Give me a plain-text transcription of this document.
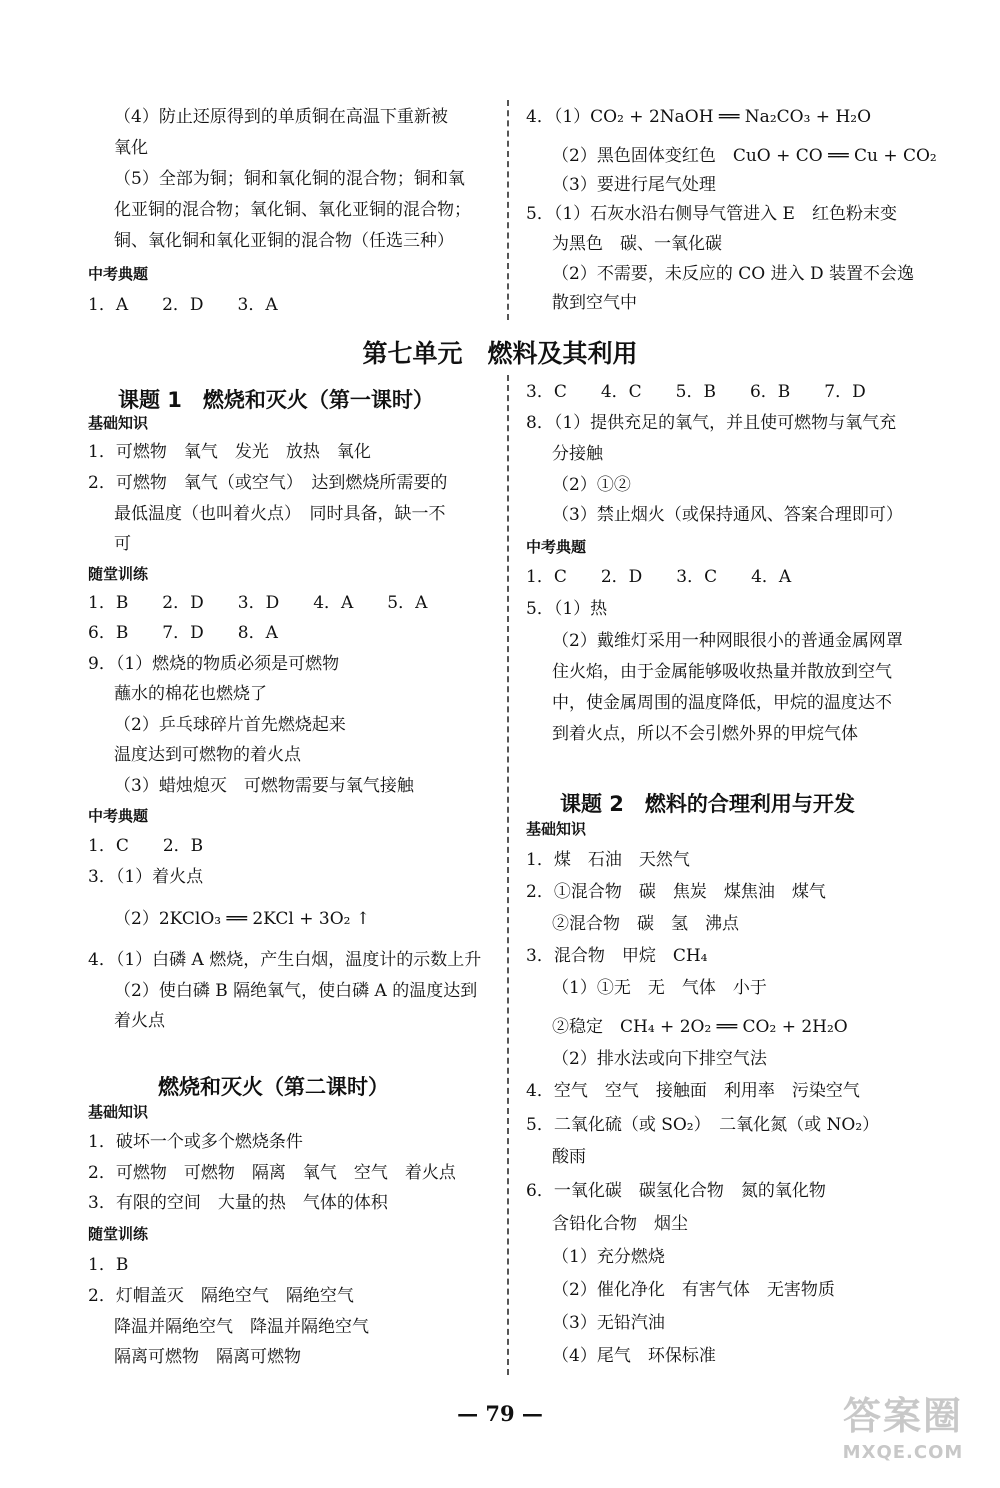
（4）防止还原得到的单质铜在高温下重新被
氧化
（5）全部为铜；铜和氧化铜的混合物；铜和氧
化亚铜的混合物；氧化铜、氧化亚铜的混合物；
铜、氧化铜和氧化亚铜的混合物（任选三种）
中考典题
1．A　　2．D　　3．A
4．（1）CO₂ + 2NaOH ══ Na₂CO₃ + H₂O
（2）黑色固体变红色　CuO + CO ══ Cu + CO₂
（3）要进行尾气处理
5．（1）石灰水沿右侧导气管进入 E　红色粉末变
为黑色　碳、一氧化碳
（2）不需要，未反应的 CO 进入 D 装置不会逸
散到空气中
第七单元　燃料及其利用
课题 1　燃烧和灭火（第一课时）
基础知识
1．可燃物　氧气　发光　放热　氧化
2．可燃物　氧气（或空气）　达到燃烧所需要的
最低温度（也叫着火点）　同时具备，缺一不
可
随堂训练
1．B　　2．D　　3．D　　4．A　　5．A
6．B　　7．D　　8．A
9．（1）燃烧的物质必须是可燃物
蘸水的棉花也燃烧了
（2）乒乓球碎片首先燃烧起来
温度达到可燃物的着火点
（3）蜡烛熄灭　可燃物需要与氧气接触
中考典题
1．C　　2．B
3．（1）着火点
（2）2KClO₃ ══ 2KCl + 3O₂ ↑
4．（1）白磷 A 燃烧，产生白烟，温度计的示数上升
（2）使白磷 B 隔绝氧气，使白磷 A 的温度达到
着火点
燃烧和灭火（第二课时）
基础知识
1．破坏一个或多个燃烧条件
2．可燃物　可燃物　隔离　氧气　空气　着火点
3．有限的空间　大量的热　气体的体积
随堂训练
1．B
2．灯帽盖灭　隔绝空气　隔绝空气
降温并隔绝空气　降温并隔绝空气
隔离可燃物　隔离可燃物
3．C　　4．C　　5．B　　6．B　　7．D
8．（1）提供充足的氧气，并且使可燃物与氧气充
分接触
（2）①②
（3）禁止烟火（或保持通风、答案合理即可）
中考典题
1．C　　2．D　　3．C　　4．A
5．（1）热
（2）戴维灯采用一种网眼很小的普通金属网罩
住火焰，由于金属能够吸收热量并散放到空气
中，使金属周围的温度降低，甲烷的温度达不
到着火点，所以不会引燃外界的甲烷气体
课题 2　燃料的合理利用与开发
基础知识
1．煤　石油　天然气
2．①混合物　碳　焦炭　煤焦油　煤气
②混合物　碳　氢　沸点
3．混合物　甲烷　CH₄
（1）①无　无　气体　小于
②稳定　CH₄ + 2O₂ ══ CO₂ + 2H₂O
（2）排水法或向下排空气法
4．空气　空气　接触面　利用率　污染空气
5．二氧化硫（或 SO₂）　二氧化氮（或 NO₂）
酸雨
6．一氧化碳　碳氢化合物　氮的氧化物
含铅化合物　烟尘
（1）充分燃烧
（2）催化净化　有害气体　无害物质
（3）无铅汽油
（4）尾气　环保标准
— 79 —	答案圈
MXQE.COM
